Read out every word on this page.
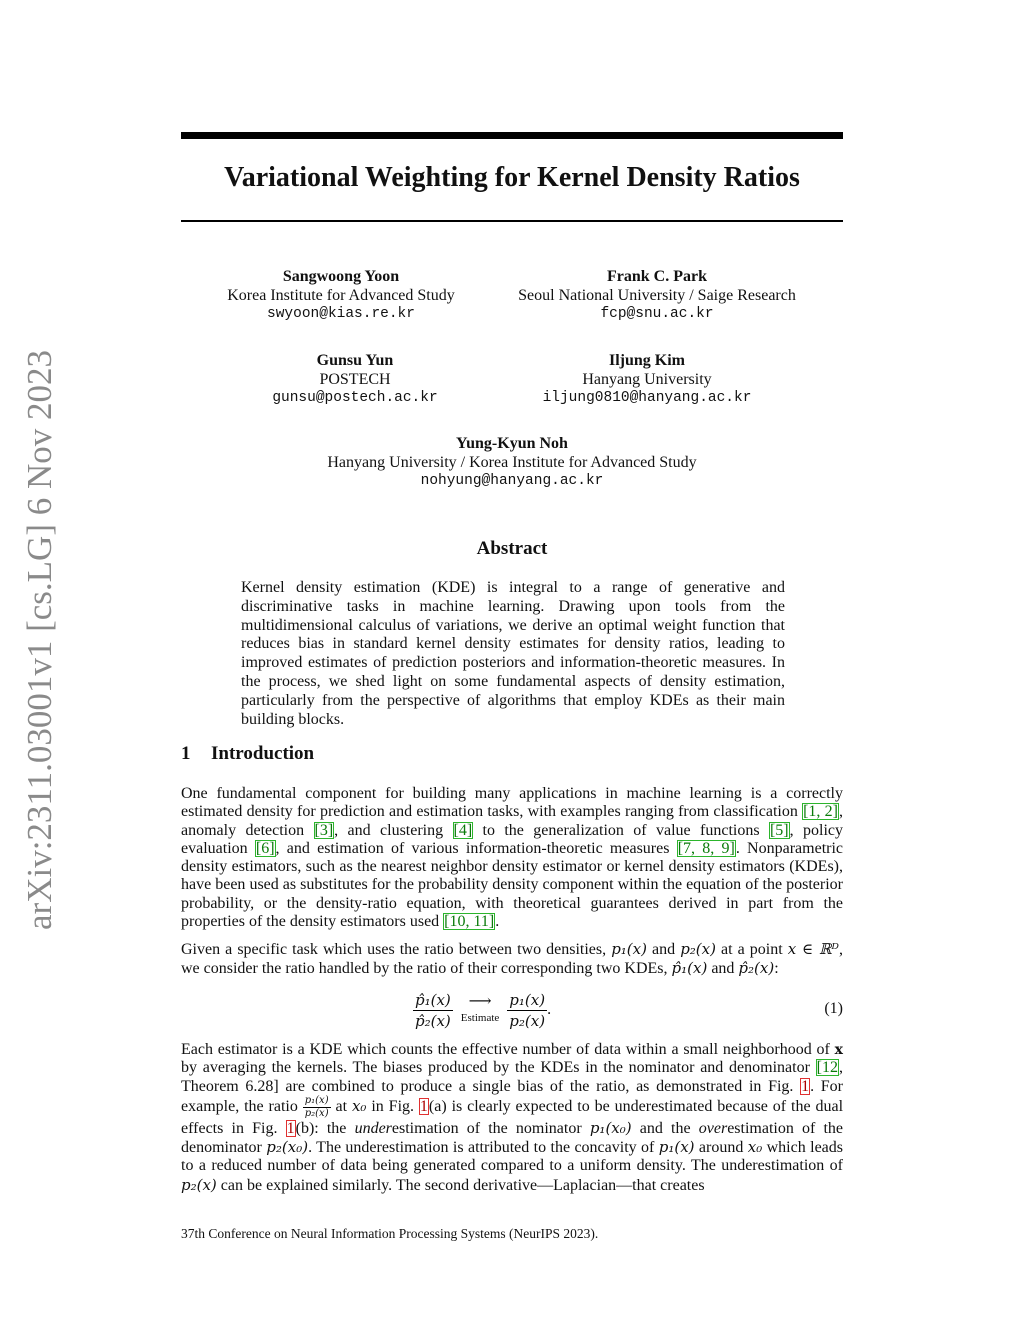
arXiv:2311.03001v1 [cs.LG] 6 Nov 2023
Variational Weighting for Kernel Density Ratios
Sangwoong Yoon
Korea Institute for Advanced Study
swyoon@kias.re.kr
Frank C. Park
Seoul National University / Saige Research
fcp@snu.ac.kr
Gunsu Yun
POSTECH
gunsu@postech.ac.kr
Iljung Kim
Hanyang University
iljung0810@hanyang.ac.kr
Yung-Kyun Noh
Hanyang University / Korea Institute for Advanced Study
nohyung@hanyang.ac.kr
Abstract
Kernel density estimation (KDE) is integral to a range of generative and discriminative tasks in machine learning. Drawing upon tools from the multidimensional calculus of variations, we derive an optimal weight function that reduces bias in standard kernel density estimates for density ratios, leading to improved estimates of prediction posteriors and information-theoretic measures. In the process, we shed light on some fundamental aspects of density estimation, particularly from the perspective of algorithms that employ KDEs as their main building blocks.
1 Introduction
One fundamental component for building many applications in machine learning is a correctly estimated density for prediction and estimation tasks, with examples ranging from classification [1, 2], anomaly detection [3], and clustering [4] to the generalization of value functions [5], policy evaluation [6], and estimation of various information-theoretic measures [7, 8, 9]. Nonparametric density estimators, such as the nearest neighbor density estimator or kernel density estimators (KDEs), have been used as substitutes for the probability density component within the equation of the posterior probability, or the density-ratio equation, with theoretical guarantees derived in part from the properties of the density estimators used [10, 11].
Given a specific task which uses the ratio between two densities, p₁(x) and p₂(x) at a point x ∈ ℝᴰ, we consider the ratio handled by the ratio of their corresponding two KDEs, p̂₁(x) and p̂₂(x):
$\frac{\text{p̂₁(x)}}{\text{p̂₂(x)}}$ ⟶
Estimate $\frac{\text{p₁(x)}}{\text{p₂(x)}}$ .	(1)
Each estimator is a KDE which counts the effective number of data within a small neighborhood of x by averaging the kernels. The biases produced by the KDEs in the nominator and denominator [12, Theorem 6.28] are combined to produce a single bias of the ratio, as demonstrated in Fig. 1. For example, the ratio $\frac{\text{p₁(x)}}{\text{p₂(x)}}$ at x₀ in Fig. 1(a) is clearly expected to be underestimated because of the dual effects in Fig. 1(b): the underestimation of the nominator p₁(x₀) and the overestimation of the denominator p₂(x₀). The underestimation is attributed to the concavity of p₁(x) around x₀ which leads to a reduced number of data being generated compared to a uniform density. The underestimation of p₂(x) can be explained similarly. The second derivative—Laplacian—that creates
37th Conference on Neural Information Processing Systems (NeurIPS 2023).
